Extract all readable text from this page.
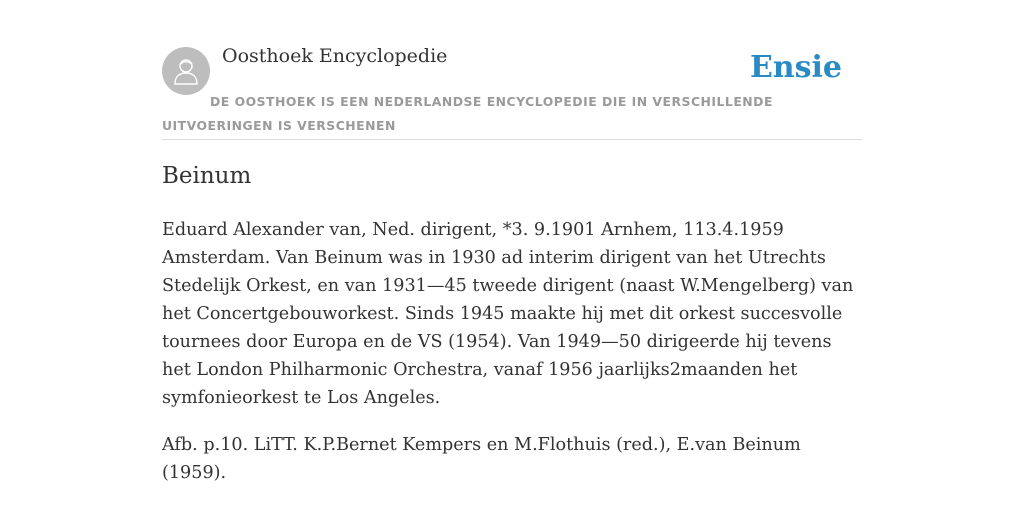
Oosthoek Encyclopedie	Ensie
DE OOSTHOEK IS EEN NEDERLANDSE ENCYCLOPEDIE DIE IN VERSCHILLENDE UITVOERINGEN IS VERSCHENEN
Beinum

Eduard Alexander van, Ned. dirigent, *3. 9.1901 Arnhem, 113.4.1959 Amsterdam. Van Beinum was in 1930 ad interim dirigent van het Utrechts Stedelijk Orkest, en van 1931—45 tweede dirigent (naast W.Mengelberg) van het Concertgebouworkest. Sinds 1945 maakte hij met dit orkest succesvolle tournees door Europa en de VS (1954). Van 1949—50 dirigeerde hij tevens het London Philharmonic Orchestra, vanaf 1956 jaarlijks2maanden het symfonieorkest te Los Angeles.

Afb. p.10. LiTT. K.P.Bernet Kempers en M.Flothuis (red.), E.van Beinum (1959).
